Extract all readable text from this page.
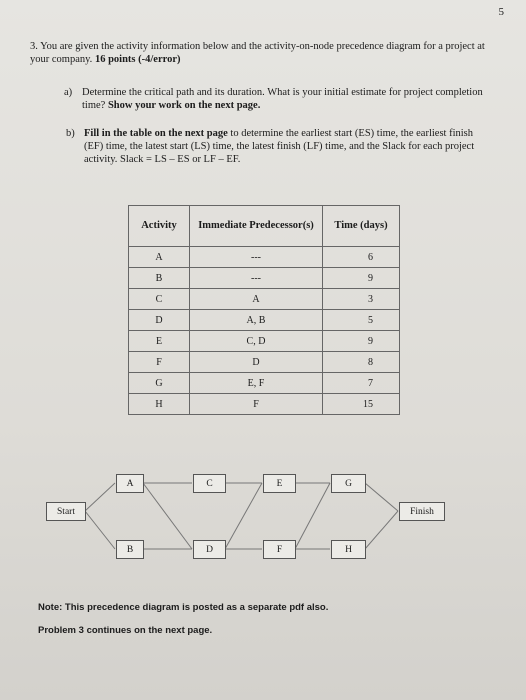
5
3. You are given the activity information below and the activity-on-node precedence diagram for a project at your company. 16 points (-4/error)
a) Determine the critical path and its duration. What is your initial estimate for project completion time? Show your work on the next page.
b) Fill in the table on the next page to determine the earliest start (ES) time, the earliest finish (EF) time, the latest start (LS) time, the latest finish (LF) time, and the Slack for each project activity. Slack = LS – ES or LF – EF.
Activity	Immediate Predecessor(s)	Time (days)
A	---	6
B	---	9
C	A	3
D	A, B	5
E	C, D	9
F	D	8
G	E, F	7
H	F	15
Start
A
B
C
D
E
F
G
H
Finish
Note: This precedence diagram is posted as a separate pdf also.
Problem 3 continues on the next page.
